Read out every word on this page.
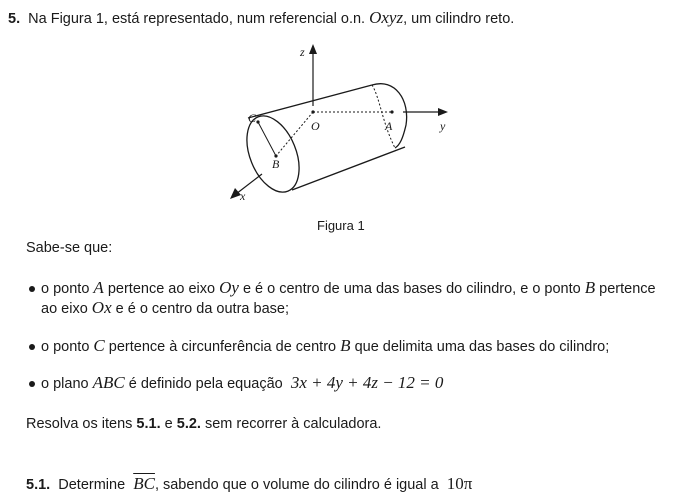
5. Na Figura 1, está representado, num referencial o.n. Oxyz, um cilindro reto.
z
y
x
O	A
C
B
Figura 1
Sabe-se que:
o ponto A pertence ao eixo Oy e é o centro de uma das bases do cilindro, e o ponto B pertence
ao eixo Ox e é o centro da outra base;
o ponto C pertence à circunferência de centro B que delimita uma das bases do cilindro;
o plano ABC é definido pela equação 3x + 4y + 4z − 12 = 0
Resolva os itens 5.1. e 5.2. sem recorrer à calculadora.
5.1. Determine $\overline{BC}$, sabendo que o volume do cilindro é igual a 10π
